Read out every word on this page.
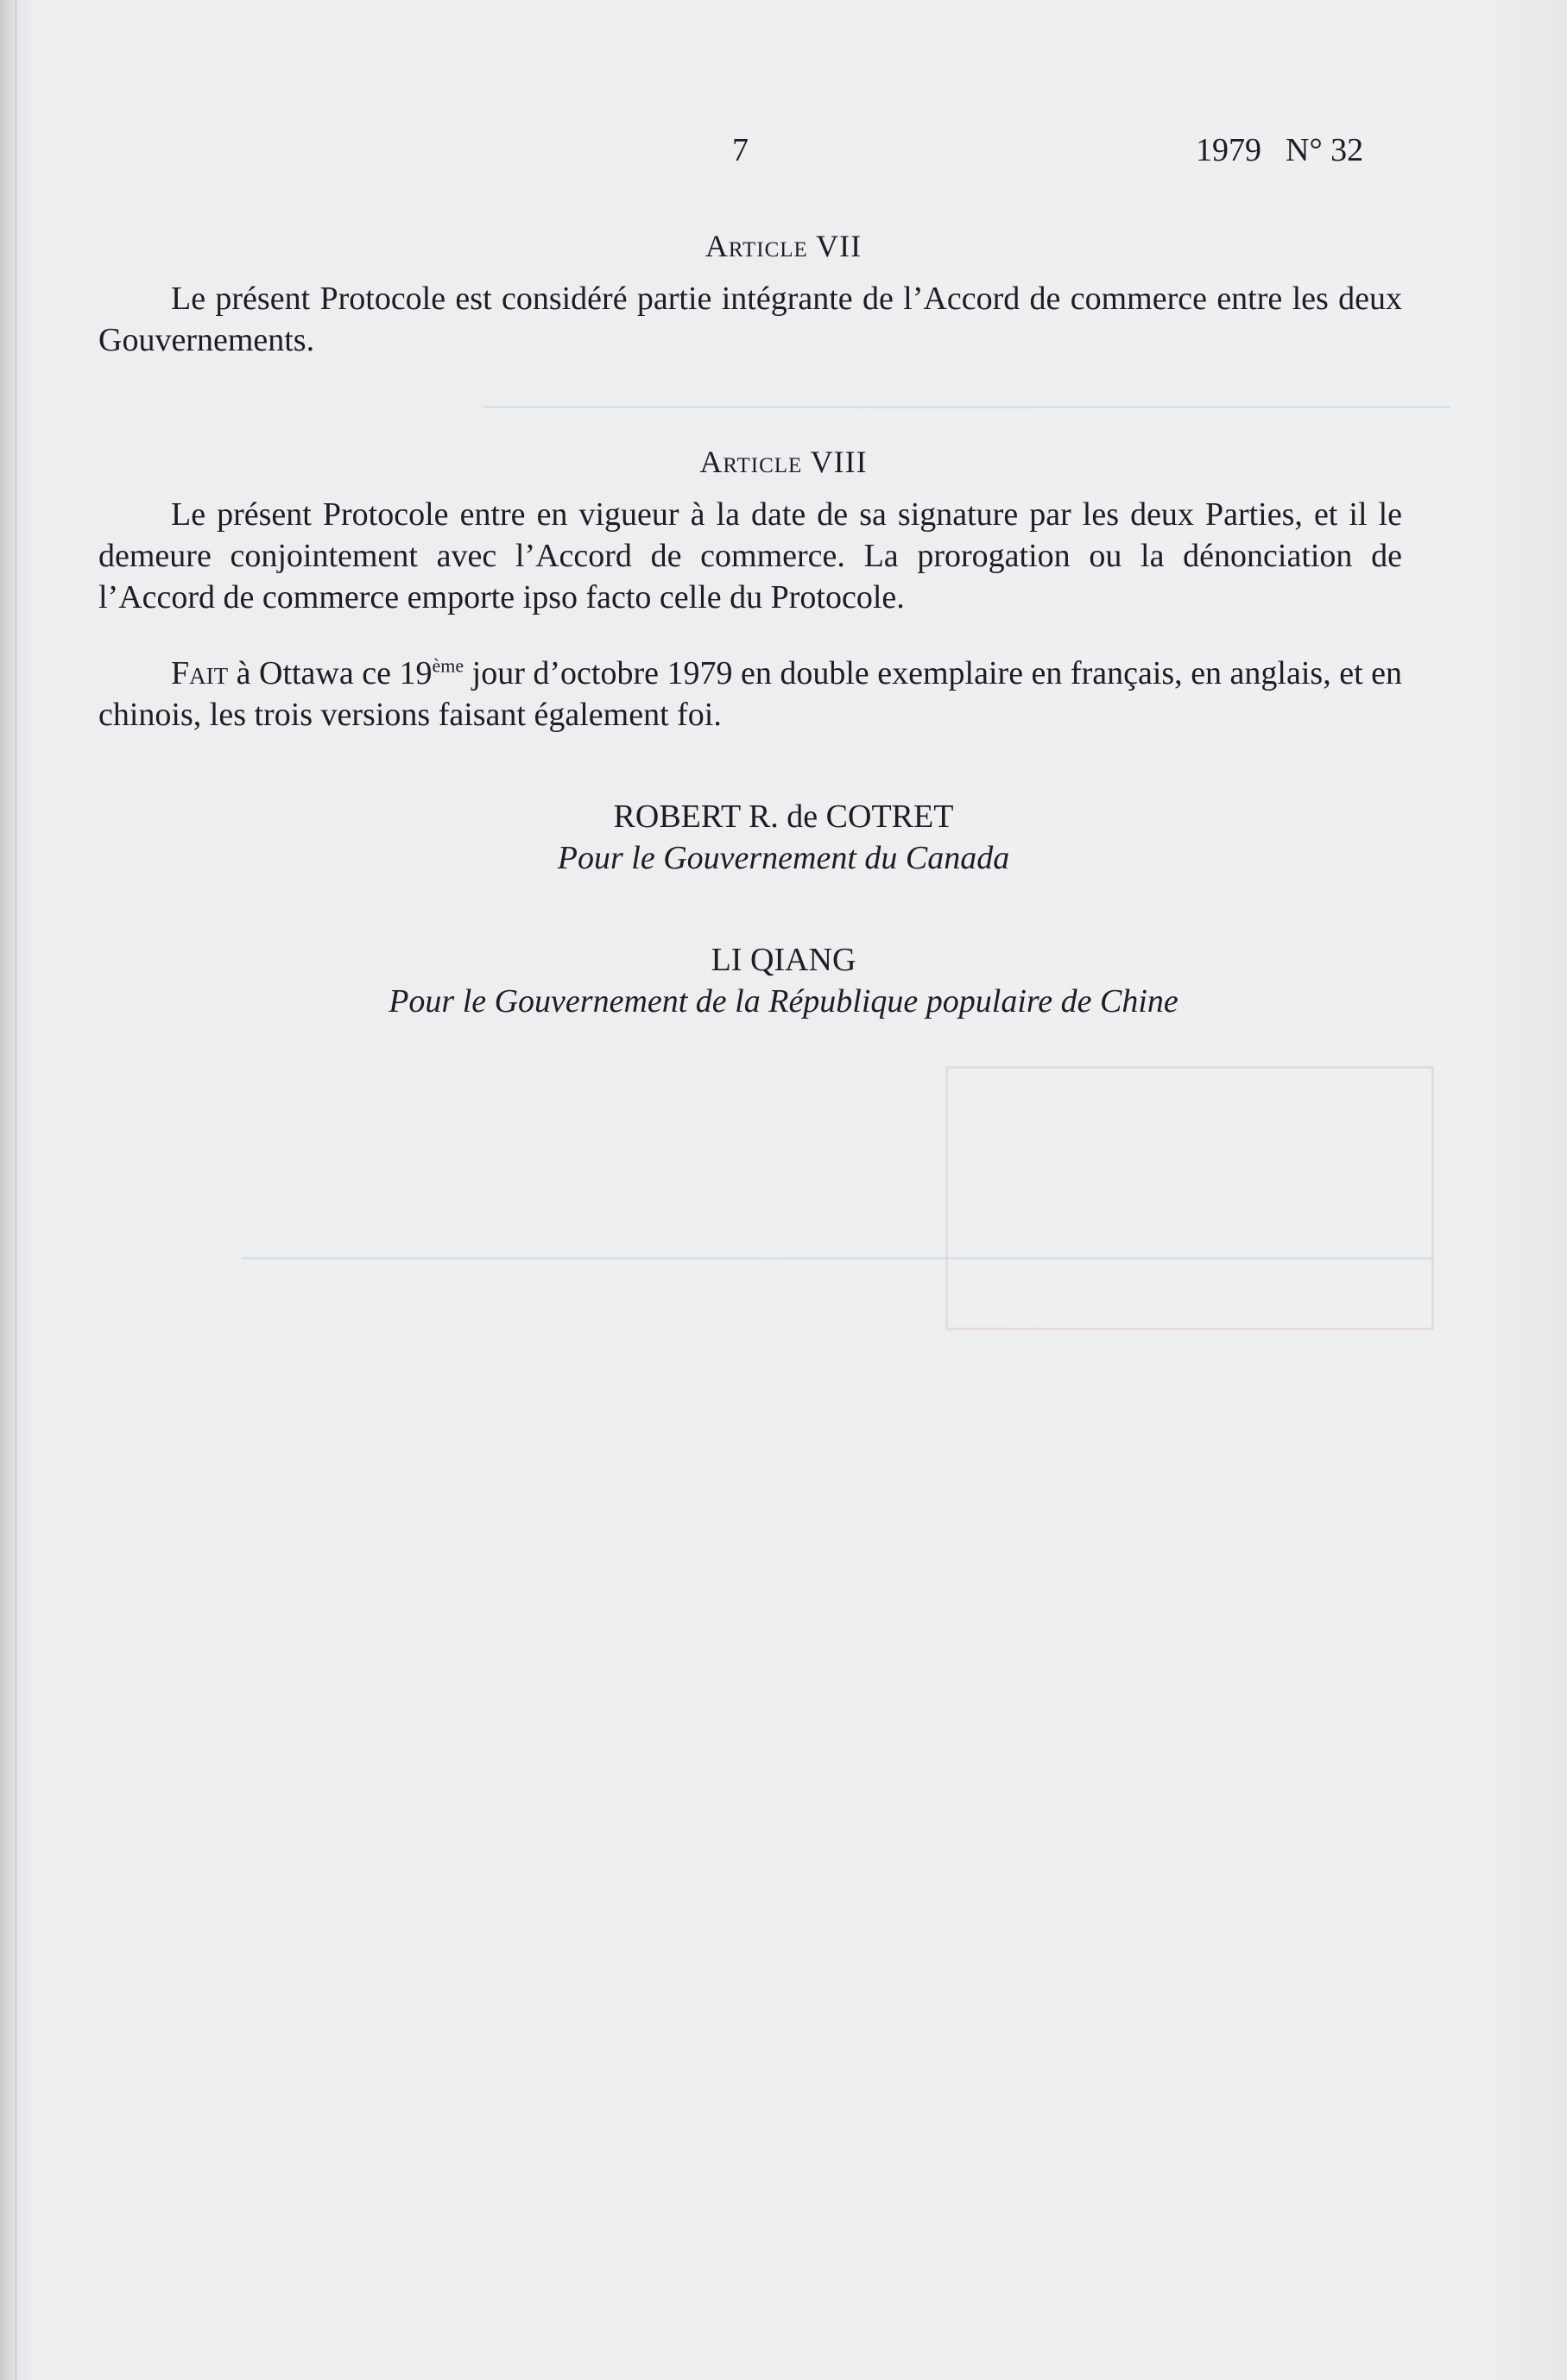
7	1979 N° 32
Article VII

Le présent Protocole est considéré partie intégrante de l’Accord de commerce entre les deux Gouvernements.

Article VIII

Le présent Protocole entre en vigueur à la date de sa signature par les deux Parties, et il le demeure conjointement avec l’Accord de commerce. La prorogation ou la dénonciation de l’Accord de commerce emporte ipso facto celle du Protocole.

Fait à Ottawa ce 19ème jour d’octobre 1979 en double exemplaire en français, en anglais, et en chinois, les trois versions faisant également foi.

ROBERT R. de COTRET
Pour le Gouvernement du Canada
LI QIANG
Pour le Gouvernement de la République populaire de Chine
